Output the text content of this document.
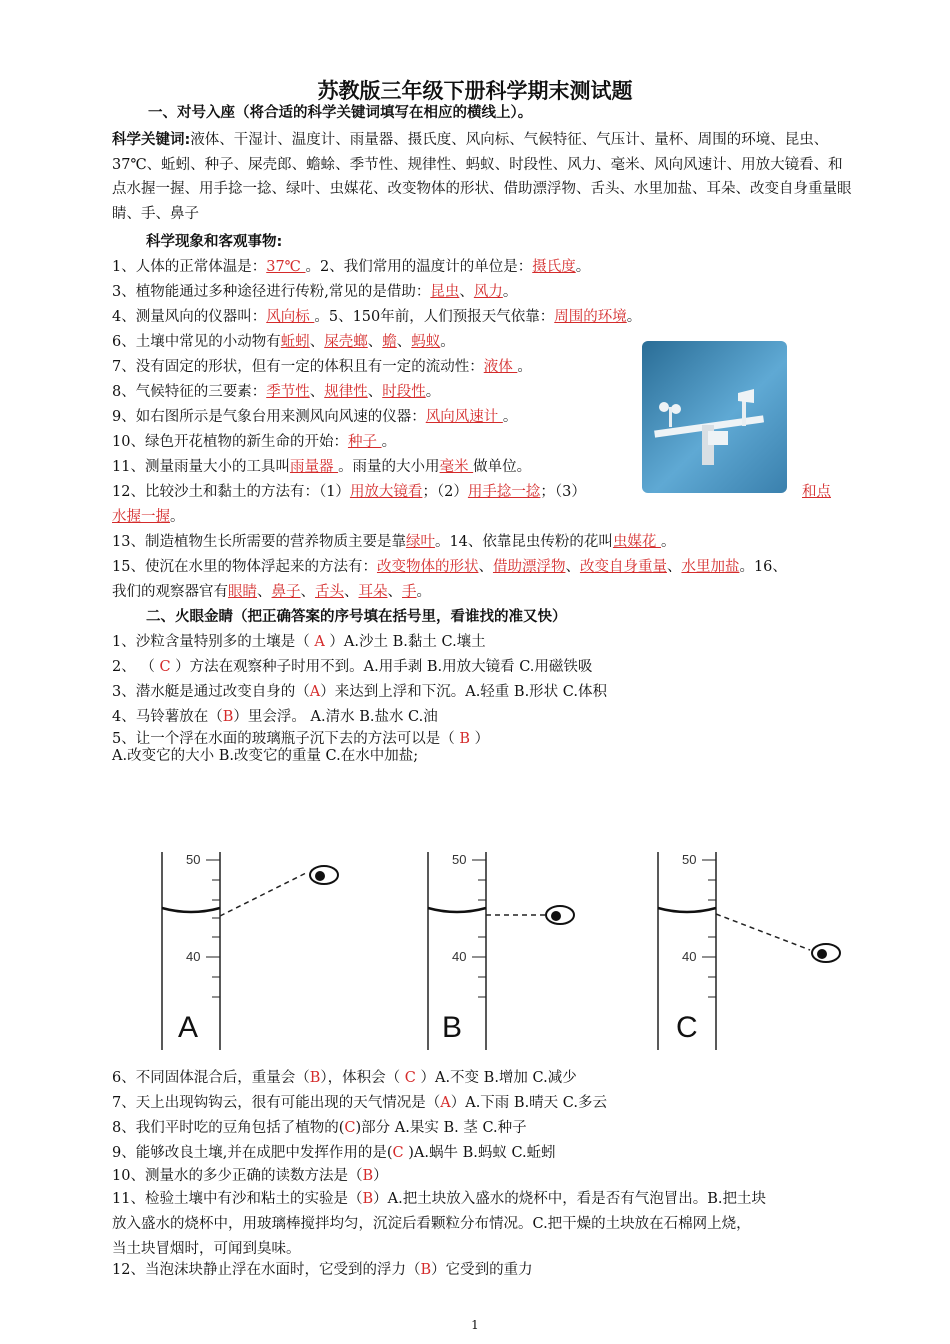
苏教版三年级下册科学期末测试题
一、对号入座（将合适的科学关键词填写在相应的横线上）。
科学关键词:液体、干湿计、温度计、雨量器、摄氏度、风向标、气候特征、气压计、量杯、周围的环境、昆虫、37℃、蚯蚓、种子、屎壳郎、蟾蜍、季节性、规律性、蚂蚁、时段性、风力、毫米、风向风速计、用放大镜看、和点水握一握、用手捻一捻、绿叶、虫媒花、改变物体的形状、借助漂浮物、舌头、水里加盐、耳朵、改变自身重量眼睛、手、鼻子
科学现象和客观事物:
1、人体的正常体温是：37℃ 。2、我们常用的温度计的单位是：摄氏度。
3、植物能通过多种途径进行传粉,常见的是借助：昆虫、风力。
4、测量风向的仪器叫：风向标 。5、150年前，人们预报天气依靠：周围的环境。
6、土壤中常见的小动物有蚯蚓、屎壳螂、蟾、蚂蚁。
7、没有固定的形状，但有一定的体积且有一定的流动性：液体 。
8、气候特征的三要素：季节性、规律性、时段性。
9、如右图所示是气象台用来测风向风速的仪器：风向风速计 。
10、绿色开花植物的新生命的开始：种子 。
11、测量雨量大小的工具叫雨量器 。雨量的大小用毫米 做单位。
12、比较沙土和黏土的方法有：（1）用放大镜看；（2）用手捻一捻；（3）	和点
水握一握。
13、制造植物生长所需要的营养物质主要是靠绿叶。14、依靠昆虫传粉的花叫虫媒花 。
15、使沉在水里的物体浮起来的方法有：改变物体的形状、借助漂浮物、改变自身重量、水里加盐。16、
我们的观察器官有眼睛、鼻子、舌头、耳朵、手。
二、火眼金睛（把正确答案的序号填在括号里，看谁找的准又快）
1、沙粒含量特别多的土壤是（ A ）A.沙土 B.黏土 C.壤土
2、 （ C ）方法在观察种子时用不到。A.用手剥 B.用放大镜看 C.用磁铁吸
3、潜水艇是通过改变自身的（A）来达到上浮和下沉。A.轻重 B.形状 C.体积
4、马铃薯放在（B）里会浮。 A.清水 B.盐水 C.油
5、让一个浮在水面的玻璃瓶子沉下去的方法可以是（ B ）
A.改变它的大小 B.改变它的重量 C.在水中加盐;
50
40
50
40
50
40
A	B	C
6、不同固体混合后，重量会（B），体积会（ C ）A.不变 B.增加 C.减少
7、天上出现钩钩云，很有可能出现的天气情况是（A）A.下雨 B.晴天 C.多云
8、我们平时吃的豆角包括了植物的(C)部分 A.果实 B. 茎 C.种子
9、能够改良土壤,并在成肥中发挥作用的是(C )A.蜗牛 B.蚂蚁 C.蚯蚓
10、测量水的多少正确的读数方法是（B）
11、检验土壤中有沙和粘土的实验是（B）A.把土块放入盛水的烧杯中，看是否有气泡冒出。B.把土块
放入盛水的烧杯中，用玻璃棒搅拌均匀，沉淀后看颗粒分布情况。C.把干燥的土块放在石棉网上烧，
当土块冒烟时，可闻到臭味。
12、当泡沫块静止浮在水面时，它受到的浮力（B）它受到的重力
1
